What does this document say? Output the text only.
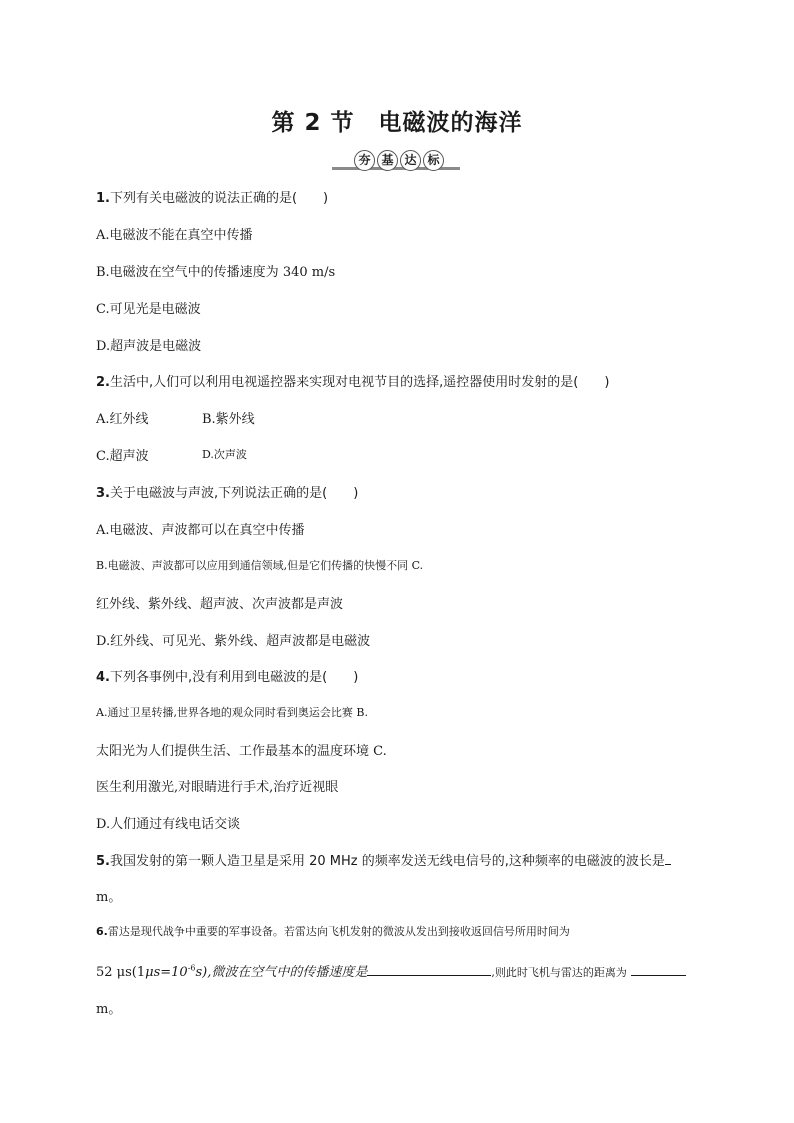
第 2 节　电磁波的海洋
夯 基 达 标
1.下列有关电磁波的说法正确的是(　　)
A.电磁波不能在真空中传播
B.电磁波在空气中的传播速度为 340 m/s
C.可见光是电磁波
D.超声波是电磁波
2.生活中,人们可以利用电视遥控器来实现对电视节目的选择,遥控器使用时发射的是(　　)
A.红外线	B.紫外线
C.超声波	D.次声波
3.关于电磁波与声波,下列说法正确的是(　　)
A.电磁波、声波都可以在真空中传播
B.电磁波、声波都可以应用到通信领域,但是它们传播的快慢不同 C.
红外线、紫外线、超声波、次声波都是声波
D.红外线、可见光、紫外线、超声波都是电磁波
4.下列各事例中,没有利用到电磁波的是(　　)
A.通过卫星转播,世界各地的观众同时看到奥运会比赛 B.
太阳光为人们提供生活、工作最基本的温度环境 C.
医生利用激光,对眼睛进行手术,治疗近视眼
D.人们通过有线电话交谈
5.我国发射的第一颗人造卫星是采用 20 MHz 的频率发送无线电信号的,这种频率的电磁波的波长是
m。
6.雷达是现代战争中重要的军事设备。若雷达向飞机发射的微波从发出到接收返回信号所用时间为
52 $\mu s(1\mu s=10^{-6}s)$,微波在空气中的传播速度是	,则此时飞机与雷达的距离为
m。
